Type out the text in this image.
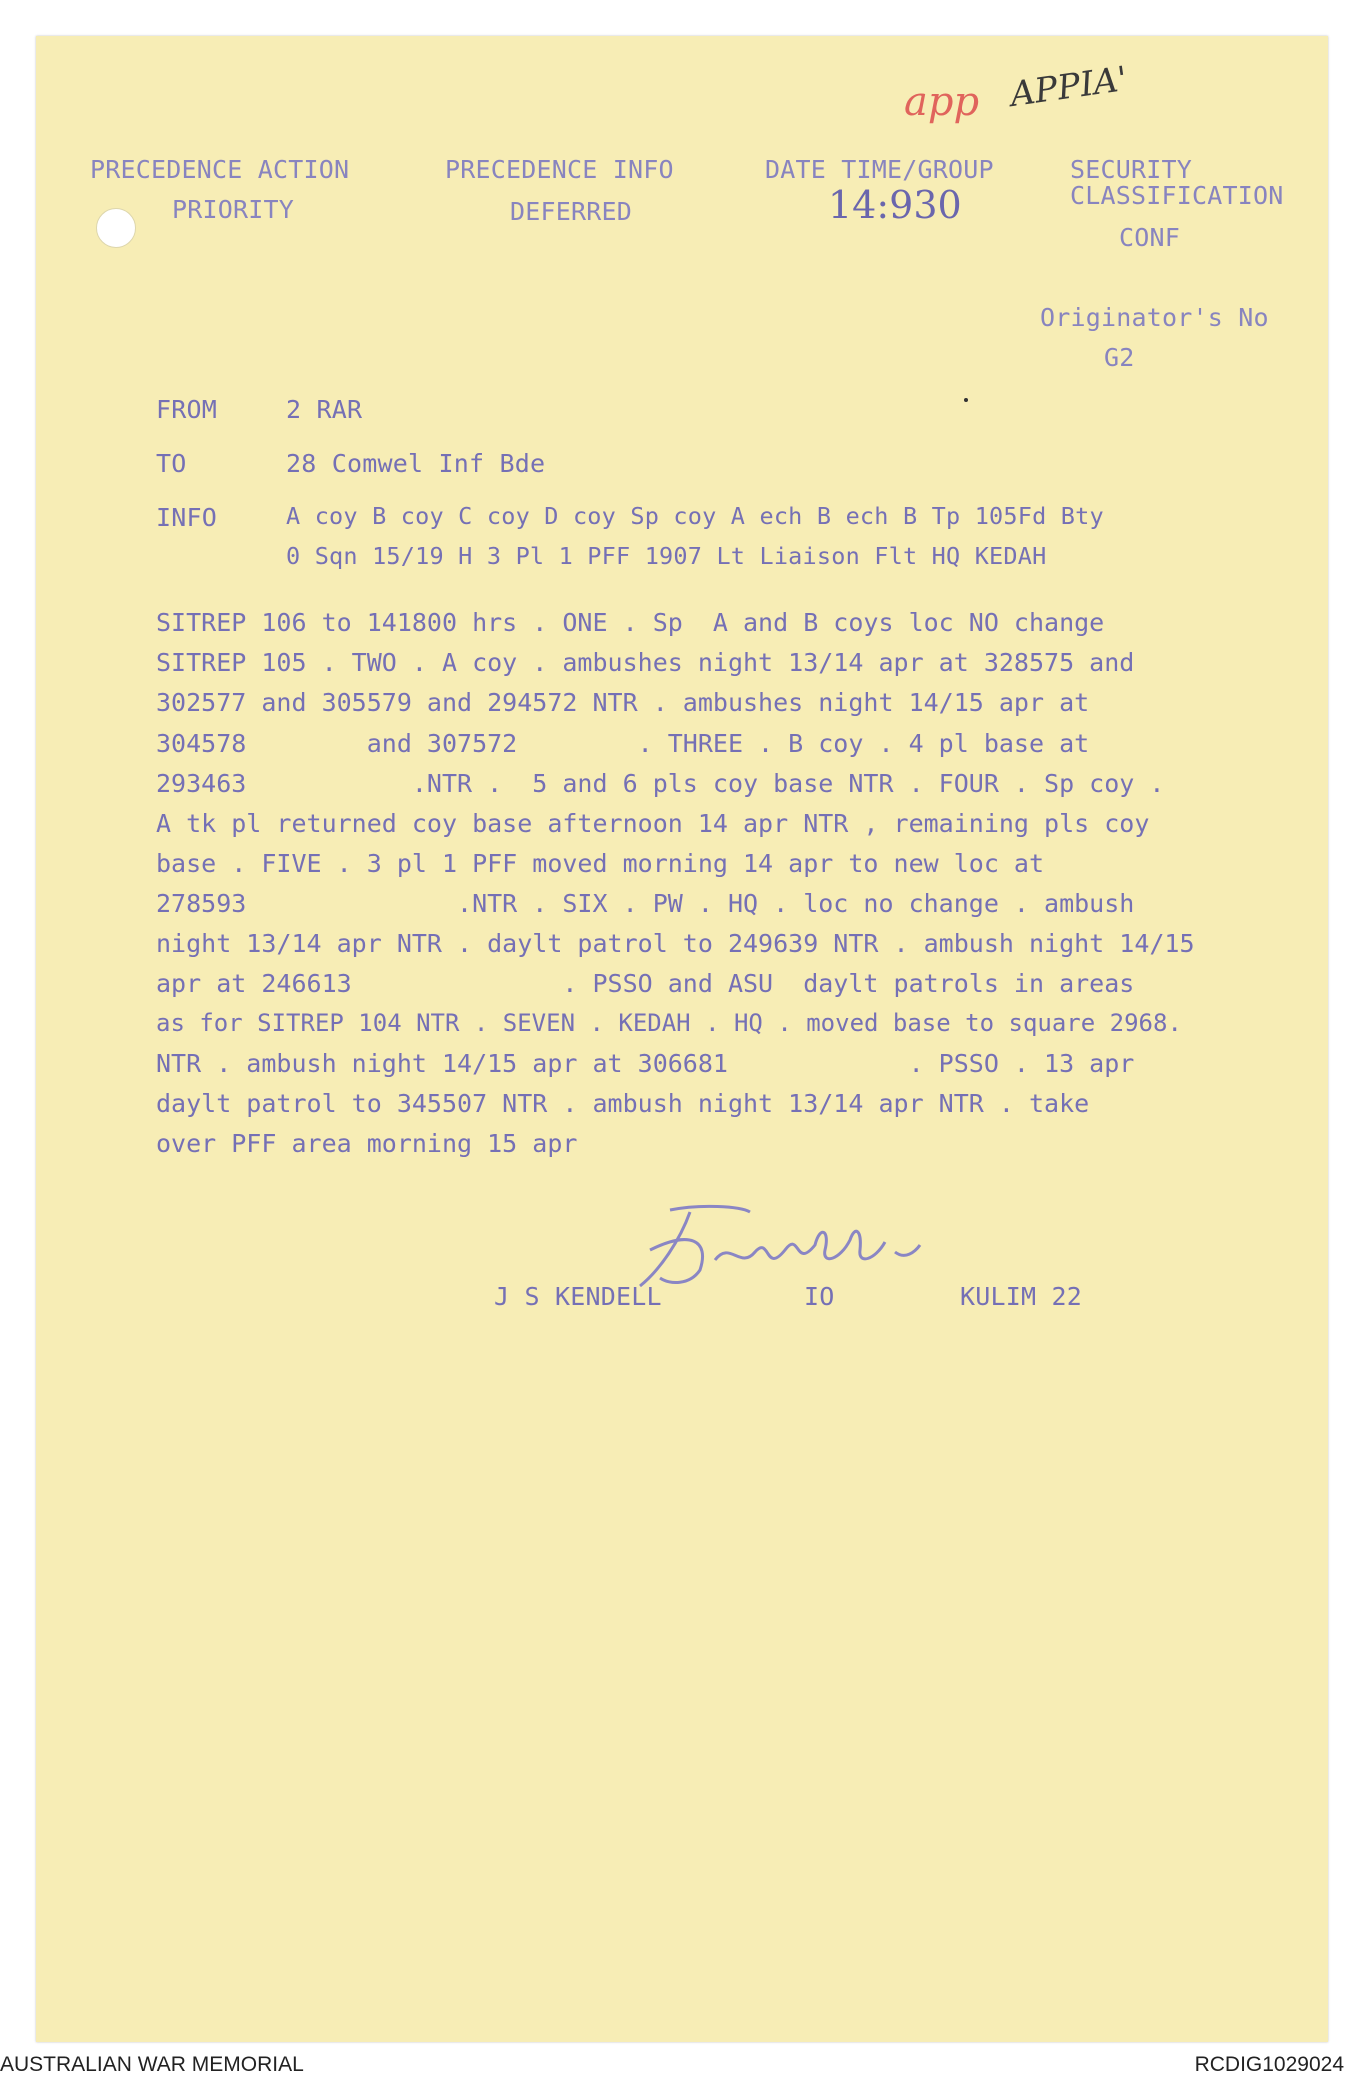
app APPIA'
PRECEDENCE ACTION
PRIORITY
PRECEDENCE INFO
DEFERRED
DATE TIME/GROUP
14:930
SECURITY
CLASSIFICATION
CONF
Originator's No
G2
FROM	2 RAR
TO	28 Comwel Inf Bde
INFO	A coy B coy C coy D coy Sp coy A ech B ech B Tp 105Fd Bty
0 Sqn 15/19 H 3 Pl 1 PFF 1907 Lt Liaison Flt HQ KEDAH
SITREP 106 to 141800 hrs . ONE . Sp  A and B coys loc NO change
SITREP 105 . TWO . A coy . ambushes night 13/14 apr at 328575 and
302577 and 305579 and 294572 NTR . ambushes night 14/15 apr at
304578        and 307572        . THREE . B coy . 4 pl base at
293463           .NTR .  5 and 6 pls coy base NTR . FOUR . Sp coy .
A tk pl returned coy base afternoon 14 apr NTR , remaining pls coy
base . FIVE . 3 pl 1 PFF moved morning 14 apr to new loc at
278593              .NTR . SIX . PW . HQ . loc no change . ambush
night 13/14 apr NTR . daylt patrol to 249639 NTR . ambush night 14/15
apr at 246613              . PSSO and ASU  daylt patrols in areas
as for SITREP 104 NTR . SEVEN . KEDAH . HQ . moved base to square 2968.
NTR . ambush night 14/15 apr at 306681            . PSSO . 13 apr
daylt patrol to 345507 NTR . ambush night 13/14 apr NTR . take
over PFF area morning 15 apr
J S KENDELL	IO	KULIM 22
AUSTRALIAN WAR MEMORIAL	RCDIG1029024
